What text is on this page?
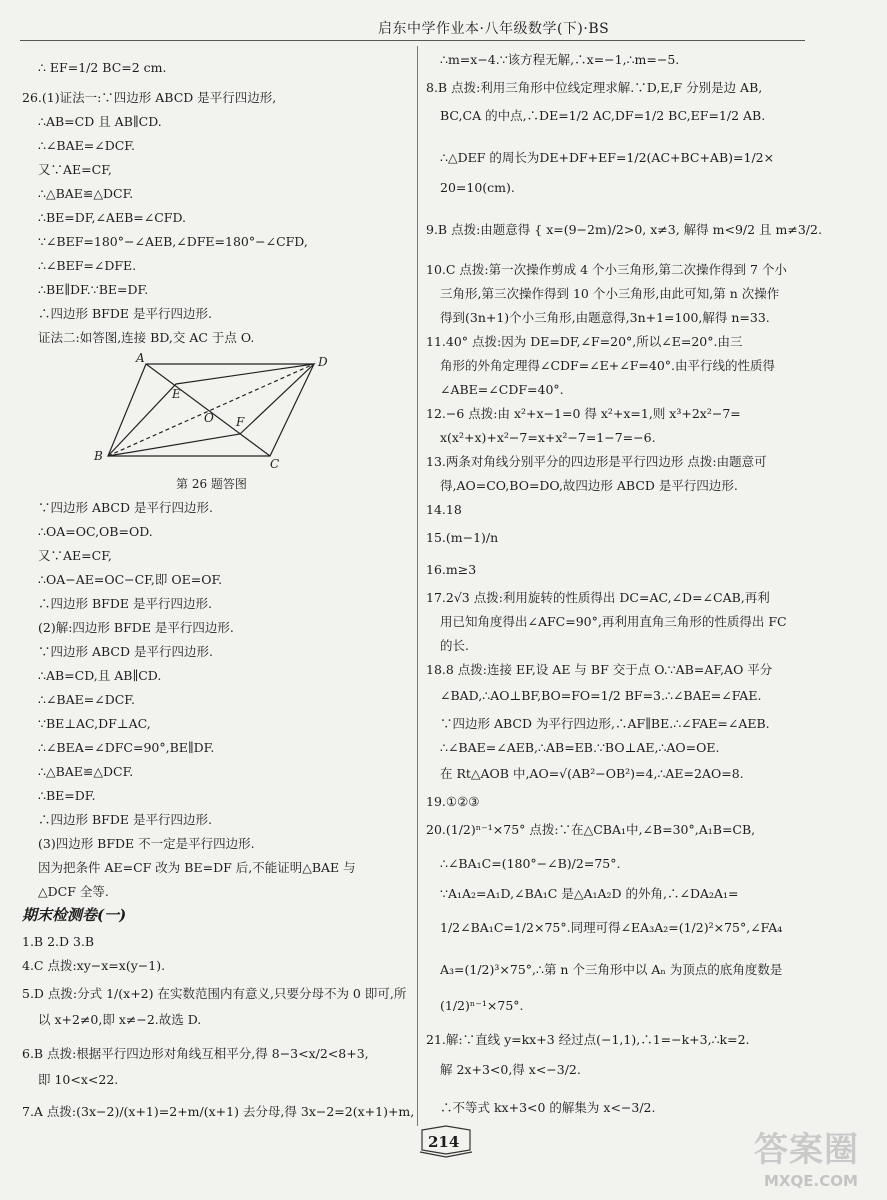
启东中学作业本·八年级数学(下)·BS
∴ EF=1/2 BC=2 cm.
26.(1)证法一:∵四边形 ABCD 是平行四边形,
∴AB=CD 且 AB∥CD.
∴∠BAE=∠DCF.
又∵AE=CF,
∴△BAE≌△DCF.
∴BE=DF,∠AEB=∠CFD.
∵∠BEF=180°−∠AEB,∠DFE=180°−∠CFD,
∴∠BEF=∠DFE.
∴BE∥DF.∵BE=DF.
∴四边形 BFDE 是平行四边形.
证法二:如答图,连接 BD,交 AC 于点 O.
∵四边形 ABCD 是平行四边形.
∴OA=OC,OB=OD.
又∵AE=CF,
∴OA−AE=OC−CF,即 OE=OF.
∴四边形 BFDE 是平行四边形.
(2)解:四边形 BFDE 是平行四边形.
∵四边形 ABCD 是平行四边形.
∴AB=CD,且 AB∥CD.
∴∠BAE=∠DCF.
∵BE⊥AC,DF⊥AC,
∴∠BEA=∠DFC=90°,BE∥DF.
∴△BAE≌△DCF.
∴BE=DF.
∴四边形 BFDE 是平行四边形.
(3)四边形 BFDE 不一定是平行四边形.
因为把条件 AE=CF 改为 BE=DF 后,不能证明△BAE 与
△DCF 全等.
期末检测卷(一)
1.B 2.D 3.B
4.C 点拨:xy−x=x(y−1).
5.D 点拨:分式 1/(x+2) 在实数范围内有意义,只要分母不为 0 即可,所
以 x+2≠0,即 x≠−2.故选 D.
6.B 点拨:根据平行四边形对角线互相平分,得 8−3<x/2<8+3,
即 10<x<22.
7.A 点拨:(3x−2)/(x+1)=2+m/(x+1) 去分母,得 3x−2=2(x+1)+m,
A	D
E
O F
B
C
第 26 题答图
∴m=x−4.∵该方程无解,∴x=−1,∴m=−5.
8.B 点拨:利用三角形中位线定理求解.∵D,E,F 分别是边 AB,
BC,CA 的中点,∴DE=1/2 AC,DF=1/2 BC,EF=1/2 AB.
∴△DEF 的周长为DE+DF+EF=1/2(AC+BC+AB)=1/2×
20=10(cm).
9.B 点拨:由题意得 { x=(9−2m)/2>0, x≠3, 解得 m<9/2 且 m≠3/2.
10.C 点拨:第一次操作剪成 4 个小三角形,第二次操作得到 7 个小
三角形,第三次操作得到 10 个小三角形,由此可知,第 n 次操作
得到(3n+1)个小三角形,由题意得,3n+1=100,解得 n=33.
11.40° 点拨:因为 DE=DF,∠F=20°,所以∠E=20°.由三
角形的外角定理得∠CDF=∠E+∠F=40°.由平行线的性质得
∠ABE=∠CDF=40°.
12.−6 点拨:由 x²+x−1=0 得 x²+x=1,则 x³+2x²−7=
x(x²+x)+x²−7=x+x²−7=1−7=−6.
13.两条对角线分别平分的四边形是平行四边形 点拨:由题意可
得,AO=CO,BO=DO,故四边形 ABCD 是平行四边形.
14.18
15.(m−1)/n
16.m≥3
17.2√3 点拨:利用旋转的性质得出 DC=AC,∠D=∠CAB,再利
用已知角度得出∠AFC=90°,再利用直角三角形的性质得出 FC
的长.
18.8 点拨:连接 EF,设 AE 与 BF 交于点 O.∵AB=AF,AO 平分
∠BAD,∴AO⊥BF,BO=FO=1/2 BF=3.∴∠BAE=∠FAE.
∵四边形 ABCD 为平行四边形,∴AF∥BE.∴∠FAE=∠AEB.
∴∠BAE=∠AEB,∴AB=EB.∵BO⊥AE,∴AO=OE.
在 Rt△AOB 中,AO=√(AB²−OB²)=4,∴AE=2AO=8.
19.①②③
20.(1/2)ⁿ⁻¹×75° 点拨:∵在△CBA₁中,∠B=30°,A₁B=CB,
∴∠BA₁C=(180°−∠B)/2=75°.
∵A₁A₂=A₁D,∠BA₁C 是△A₁A₂D 的外角,∴∠DA₂A₁=
1/2∠BA₁C=1/2×75°.同理可得∠EA₃A₂=(1/2)²×75°,∠FA₄
A₃=(1/2)³×75°,∴第 n 个三角形中以 Aₙ 为顶点的底角度数是
(1/2)ⁿ⁻¹×75°.
21.解:∵直线 y=kx+3 经过点(−1,1),∴1=−k+3,∴k=2.
解 2x+3<0,得 x<−3/2.
∴不等式 kx+3<0 的解集为 x<−3/2.
214	答案圈
MXQE.COM
